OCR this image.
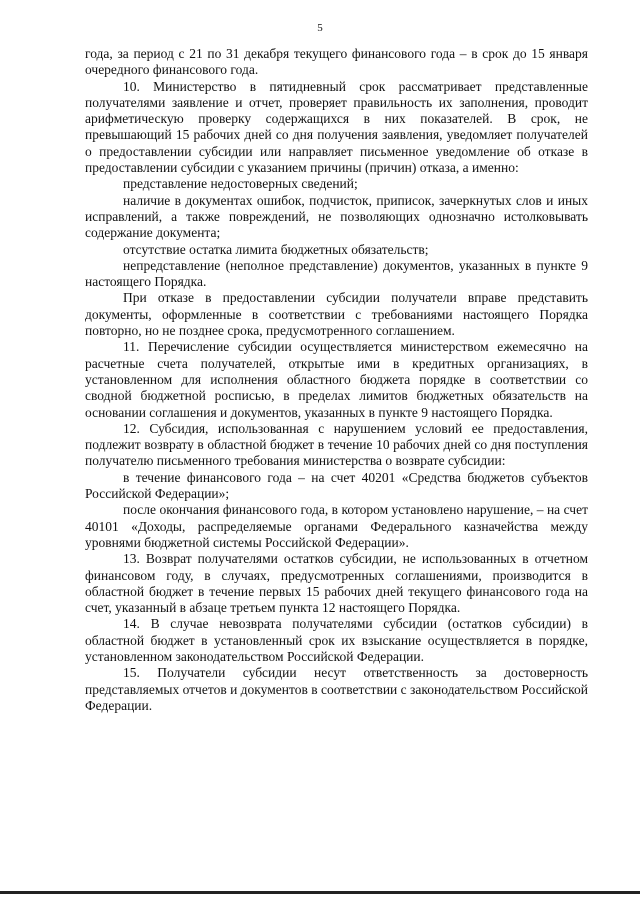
5

года, за период с 21 по 31 декабря текущего финансового года – в срок до 15 января очередного финансового года.

10. Министерство в пятидневный срок рассматривает представленные получателями заявление и отчет, проверяет правильность их заполнения, проводит арифметическую проверку содержащихся в них показателей. В срок, не превышающий 15 рабочих дней со дня получения заявления, уведомляет получателей о предоставлении субсидии или направляет письменное уведомление об отказе в предоставлении субсидии с указанием причины (причин) отказа, а именно:

представление недостоверных сведений;

наличие в документах ошибок, подчисток, приписок, зачеркнутых слов и иных исправлений, а также повреждений, не позволяющих однозначно истолковывать содержание документа;

отсутствие остатка лимита бюджетных обязательств;

непредставление (неполное представление) документов, указанных в пункте 9 настоящего Порядка.

При отказе в предоставлении субсидии получатели вправе представить документы, оформленные в соответствии с требованиями настоящего Порядка повторно, но не позднее срока, предусмотренного соглашением.

11. Перечисление субсидии осуществляется министерством ежемесячно на расчетные счета получателей, открытые ими в кредитных организациях, в установленном для исполнения областного бюджета порядке в соответствии со сводной бюджетной росписью, в пределах лимитов бюджетных обязательств на основании соглашения и документов, указанных в пункте 9 настоящего Порядка.

12. Субсидия, использованная с нарушением условий ее предоставления, подлежит возврату в областной бюджет в течение 10 рабочих дней со дня поступления получателю письменного требования министерства о возврате субсидии:

в течение финансового года – на счет 40201 «Средства бюджетов субъектов Российской Федерации»;

после окончания финансового года, в котором установлено нарушение, – на счет 40101 «Доходы, распределяемые органами Федерального казначейства между уровнями бюджетной системы Российской Федерации».

13. Возврат получателями остатков субсидии, не использованных в отчетном финансовом году, в случаях, предусмотренных соглашениями, производится в областной бюджет в течение первых 15 рабочих дней текущего финансового года на счет, указанный в абзаце третьем пункта 12 настоящего Порядка.

14. В случае невозврата получателями субсидии (остатков субсидии) в областной бюджет в установленный срок их взыскание осуществляется в порядке, установленном законодательством Российской Федерации.

15. Получатели субсидии несут ответственность за достоверность представляемых отчетов и документов в соответствии с законодательством Российской Федерации.
